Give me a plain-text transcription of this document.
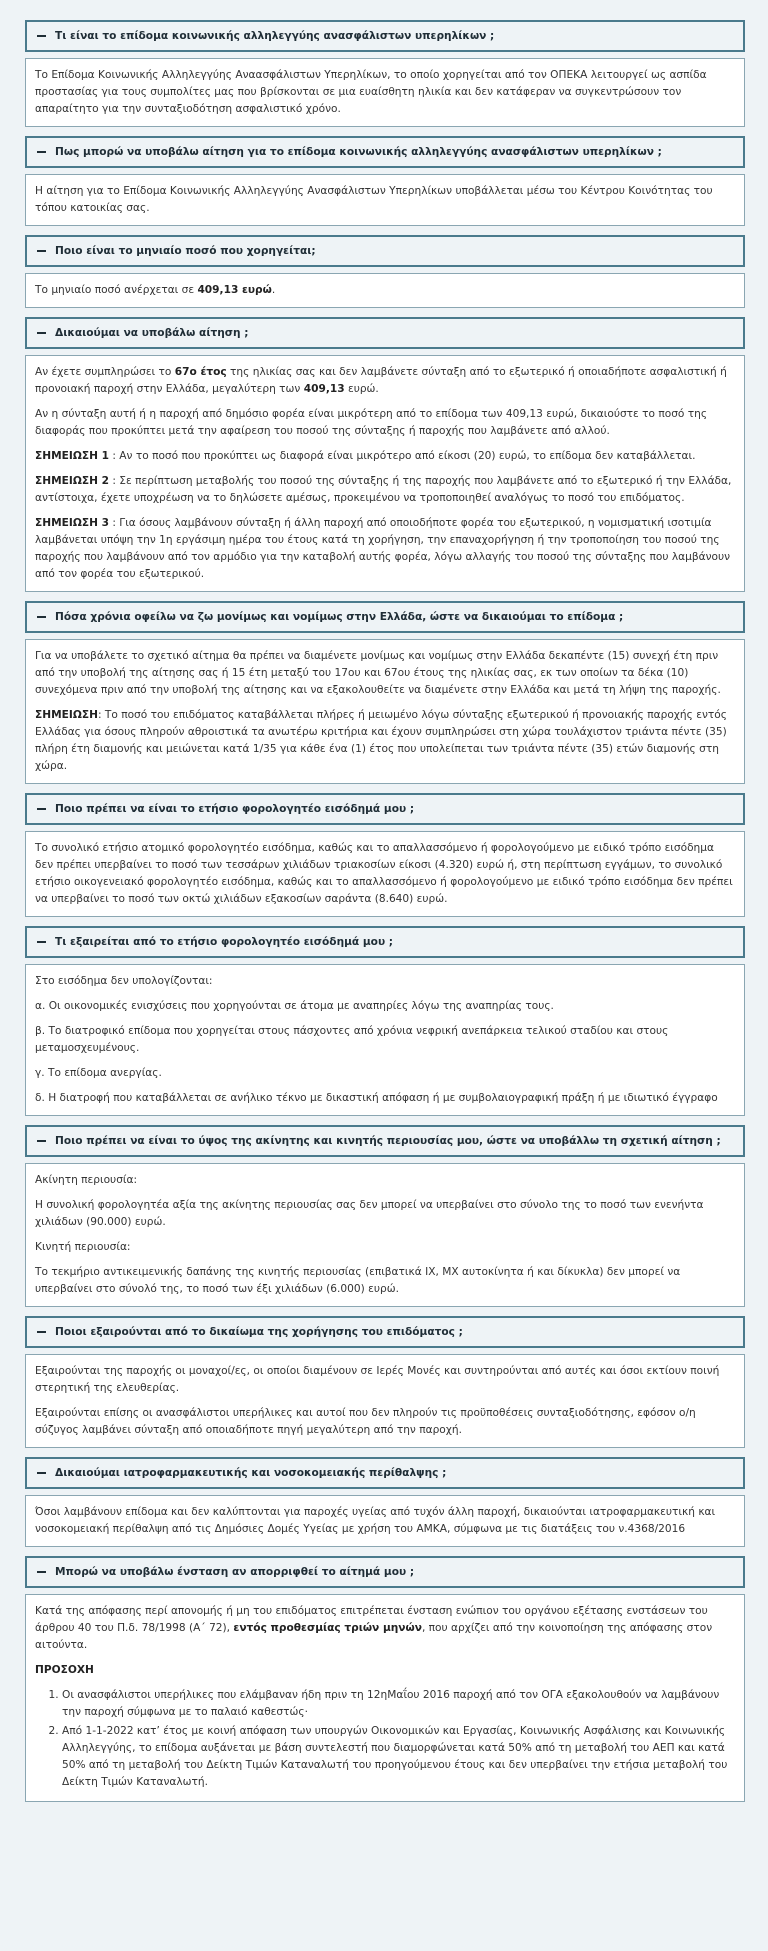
Τι είναι το επίδομα κοινωνικής αλληλεγγύης ανασφάλιστων υπερηλίκων ;

Το Επίδομα Κοινωνικής Αλληλεγγύης Αναασφάλιστων Υπερηλίκων, το οποίο χορηγείται από τον ΟΠΕΚΑ λειτουργεί ως ασπίδα προστασίας για τους συμπολίτες μας που βρίσκονται σε μια ευαίσθητη ηλικία και δεν κατάφεραν να συγκεντρώσουν τον απαραίτητο για την συνταξιοδότηση ασφαλιστικό χρόνο.

Πως μπορώ να υποβάλω αίτηση για το επίδομα κοινωνικής αλληλεγγύης ανασφάλιστων υπερηλίκων ;

Η αίτηση για το Επίδομα Κοινωνικής Αλληλεγγύης Ανασφάλιστων Υπερηλίκων υποβάλλεται μέσω του Κέντρου Κοινότητας του τόπου κατοικίας σας.

Ποιο είναι το μηνιαίο ποσό που χορηγείται;

Το μηνιαίο ποσό ανέρχεται σε 409,13 ευρώ.

Δικαιούμαι να υποβάλω αίτηση ;

Αν έχετε συμπληρώσει το 67ο έτος της ηλικίας σας και δεν λαμβάνετε σύνταξη από το εξωτερικό ή οποιαδήποτε ασφαλιστική ή προνοιακή παροχή στην Ελλάδα, μεγαλύτερη των 409,13 ευρώ.

Αν η σύνταξη αυτή ή η παροχή από δημόσιο φορέα είναι μικρότερη από το επίδομα των 409,13 ευρώ, δικαιούστε το ποσό της διαφοράς που προκύπτει μετά την αφαίρεση του ποσού της σύνταξης ή παροχής που λαμβάνετε από αλλού.

ΣΗΜΕΙΩΣΗ 1 : Αν το ποσό που προκύπτει ως διαφορά είναι μικρότερο από είκοσι (20) ευρώ, το επίδομα δεν καταβάλλεται.

ΣΗΜΕΙΩΣΗ 2 : Σε περίπτωση μεταβολής του ποσού της σύνταξης ή της παροχής που λαμβάνετε από το εξωτερικό ή την Ελλάδα, αντίστοιχα, έχετε υποχρέωση να το δηλώσετε αμέσως, προκειμένου να τροποποιηθεί αναλόγως το ποσό του επιδόματος.

ΣΗΜΕΙΩΣΗ 3 : Για όσους λαμβάνουν σύνταξη ή άλλη παροχή από οποιοδήποτε φορέα του εξωτερικού, η νομισματική ισοτιμία λαμβάνεται υπόψη την 1η εργάσιμη ημέρα του έτους κατά τη χορήγηση, την επαναχορήγηση ή την τροποποίηση του ποσού της παροχής που λαμβάνουν από τον αρμόδιο για την καταβολή αυτής φορέα, λόγω αλλαγής του ποσού της σύνταξης που λαμβάνουν από τον φορέα του εξωτερικού.

Πόσα χρόνια οφείλω να ζω μονίμως και νομίμως στην Ελλάδα, ώστε να δικαιούμαι το επίδομα ;

Για να υποβάλετε το σχετικό αίτημα θα πρέπει να διαμένετε μονίμως και νομίμως στην Ελλάδα δεκαπέντε (15) συνεχή έτη πριν από την υποβολή της αίτησης σας ή 15 έτη μεταξύ του 17ου και 67ου έτους της ηλικίας σας, εκ των οποίων τα δέκα (10) συνεχόμενα πριν από την υποβολή της αίτησης και να εξακολουθείτε να διαμένετε στην Ελλάδα και μετά τη λήψη της παροχής.

ΣΗΜΕΙΩΣΗ: Το ποσό του επιδόματος καταβάλλεται πλήρες ή μειωμένο λόγω σύνταξης εξωτερικού ή προνοιακής παροχής εντός Ελλάδας για όσους πληρούν αθροιστικά τα ανωτέρω κριτήρια και έχουν συμπληρώσει στη χώρα τουλάχιστον τριάντα πέντε (35) πλήρη έτη διαμονής και μειώνεται κατά 1/35 για κάθε ένα (1) έτος που υπολείπεται των τριάντα πέντε (35) ετών διαμονής στη χώρα.

Ποιο πρέπει να είναι το ετήσιο φορολογητέο εισόδημά μου ;

Το συνολικό ετήσιο ατομικό φορολογητέο εισόδημα, καθώς και το απαλλασσόμενο ή φορολογούμενο με ειδικό τρόπο εισόδημα δεν πρέπει υπερβαίνει το ποσό των τεσσάρων χιλιάδων τριακοσίων είκοσι (4.320) ευρώ ή, στη περίπτωση εγγάμων, το συνολικό ετήσιο οικογενειακό φορολογητέο εισόδημα, καθώς και το απαλλασσόμενο ή φορολογούμενο με ειδικό τρόπο εισόδημα δεν πρέπει να υπερβαίνει το ποσό των οκτώ χιλιάδων εξακοσίων σαράντα (8.640) ευρώ.

Τι εξαιρείται από το ετήσιο φορολογητέο εισόδημά μου ;

Στο εισόδημα δεν υπολογίζονται:

α. Οι οικονομικές ενισχύσεις που χορηγούνται σε άτομα με αναπηρίες λόγω της αναπηρίας τους.

β. Το διατροφικό επίδομα που χορηγείται στους πάσχοντες από χρόνια νεφρική ανεπάρκεια τελικού σταδίου και στους μεταμοσχευμένους.

γ. Το επίδομα ανεργίας.

δ. Η διατροφή που καταβάλλεται σε ανήλικο τέκνο με δικαστική απόφαση ή με συμβολαιογραφική πράξη ή με ιδιωτικό έγγραφο

Ποιο πρέπει να είναι το ύψος της ακίνητης και κινητής περιουσίας μου, ώστε να υποβάλλω τη σχετική αίτηση ;

Ακίνητη περιουσία:

Η συνολική φορολογητέα αξία της ακίνητης περιουσίας σας δεν μπορεί να υπερβαίνει στο σύνολο της το ποσό των ενενήντα χιλιάδων (90.000) ευρώ.

Κινητή περιουσία:

Το τεκμήριο αντικειμενικής δαπάνης της κινητής περιουσίας (επιβατικά ΙΧ, ΜΧ αυτοκίνητα ή και δίκυκλα) δεν μπορεί να υπερβαίνει στο σύνολό της, το ποσό των έξι χιλιάδων (6.000) ευρώ.

Ποιοι εξαιρούνται από το δικαίωμα της χορήγησης του επιδόματος ;

Εξαιρούνται της παροχής οι μοναχοί/ες, οι οποίοι διαμένουν σε Ιερές Μονές και συντηρούνται από αυτές και όσοι εκτίουν ποινή στερητική της ελευθερίας.

Εξαιρούνται επίσης οι ανασφάλιστοι υπερήλικες και αυτοί που δεν πληρούν τις προϋποθέσεις συνταξιοδότησης, εφόσον ο/η σύζυγος λαμβάνει σύνταξη από οποιαδήποτε πηγή μεγαλύτερη από την παροχή.

Δικαιούμαι ιατροφαρμακευτικής και νοσοκομειακής περίθαλψης ;

Όσοι λαμβάνουν επίδομα και δεν καλύπτονται για παροχές υγείας από τυχόν άλλη παροχή, δικαιούνται ιατροφαρμακευτική και νοσοκομειακή περίθαλψη από τις Δημόσιες Δομές Υγείας με χρήση του ΑΜΚΑ, σύμφωνα με τις διατάξεις του ν.4368/2016

Μπορώ να υποβάλω ένσταση αν απορριφθεί το αίτημά μου ;

Κατά της απόφασης περί απονομής ή μη του επιδόματος επιτρέπεται ένσταση ενώπιον του οργάνου εξέτασης ενστάσεων του άρθρου 40 του Π.δ. 78/1998 (Α΄ 72), εντός προθεσμίας τριών μηνών, που αρχίζει από την κοινοποίηση της απόφασης στον αιτούντα.

ΠΡΟΣΟΧΗ

1. Οι ανασφάλιστοι υπερήλικες που ελάμβαναν ήδη πριν τη 12ηΜαΐου 2016 παροχή από τον ΟΓΑ εξακολουθούν να λαμβάνουν την παροχή σύμφωνα με το παλαιό καθεστώς·
2. Από 1-1-2022 κατ’ έτος με κοινή απόφαση των υπουργών Οικονομικών και Εργασίας, Κοινωνικής Ασφάλισης και Κοινωνικής Αλληλεγγύης, το επίδομα αυξάνεται με βάση συντελεστή που διαμορφώνεται κατά 50% από τη μεταβολή του ΑΕΠ και κατά 50% από τη μεταβολή του Δείκτη Τιμών Καταναλωτή του προηγούμενου έτους και δεν υπερβαίνει την ετήσια μεταβολή του Δείκτη Τιμών Καταναλωτή.
